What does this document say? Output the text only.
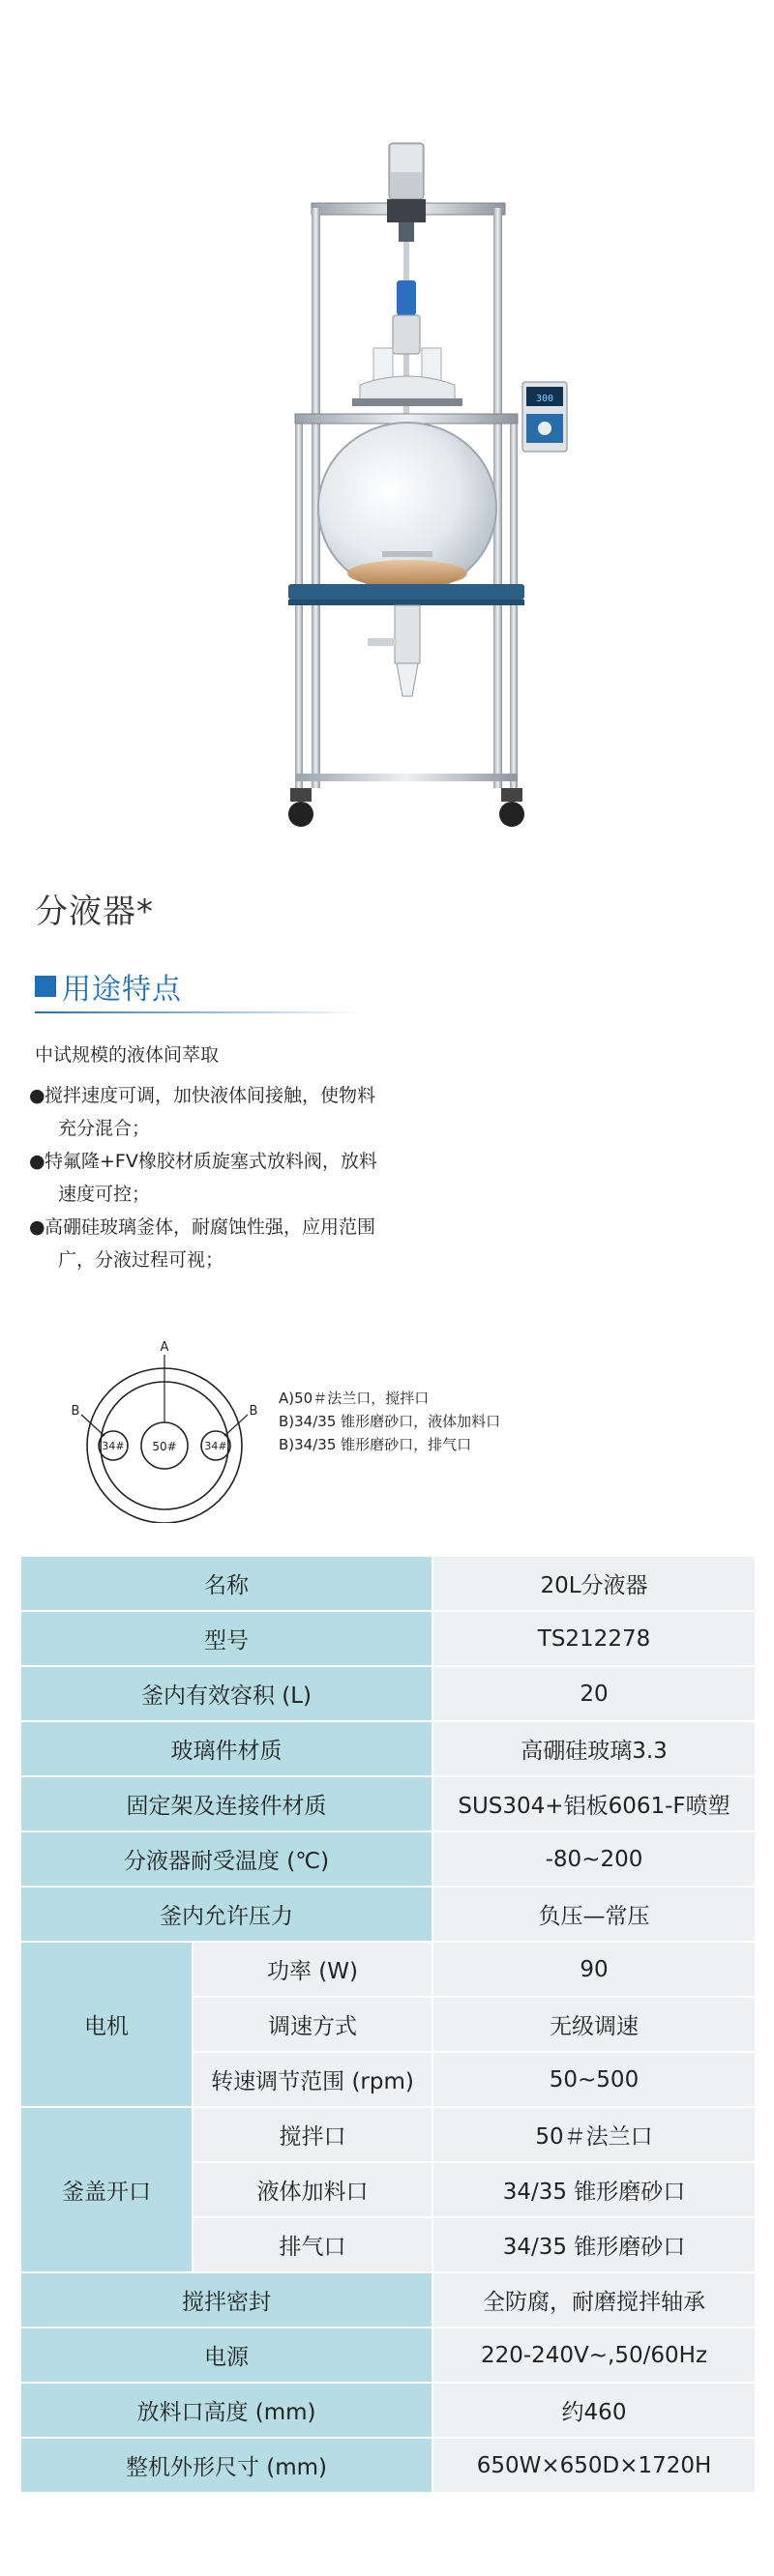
300
分液器*
用途特点
中试规模的液体间萃取
● 搅拌速度可调，加快液体间接触，使物料
充分混合；
● 特氟隆+FV橡胶材质旋塞式放料阀，放料
速度可控；
● 高硼硅玻璃釜体，耐腐蚀性强，应用范围
广，分液过程可视；
A
B	B
50#
34#	34#
A)50＃法兰口，搅拌口
B)34/35 锥形磨砂口，液体加料口
B)34/35 锥形磨砂口，排气口
名称		20L分液器
型号		TS212278
釜内有效容积 (L)		20
玻璃件材质		高硼硅玻璃3.3
固定架及连接件材质		SUS304+铝板6061-F喷塑
分液器耐受温度 (℃)		-80~200
釜内允许压力		负压—常压
电机	功率 (W)	90
	调速方式	无级调速
	转速调节范围 (rpm)	50~500
釜盖开口	搅拌口	50＃法兰口
	液体加料口	34/35 锥形磨砂口
	排气口	34/35 锥形磨砂口
搅拌密封		全防腐，耐磨搅拌轴承
电源		220-240V~,50/60Hz
放料口高度 (mm)		约460
整机外形尺寸 (mm)		650W×650D×1720H
